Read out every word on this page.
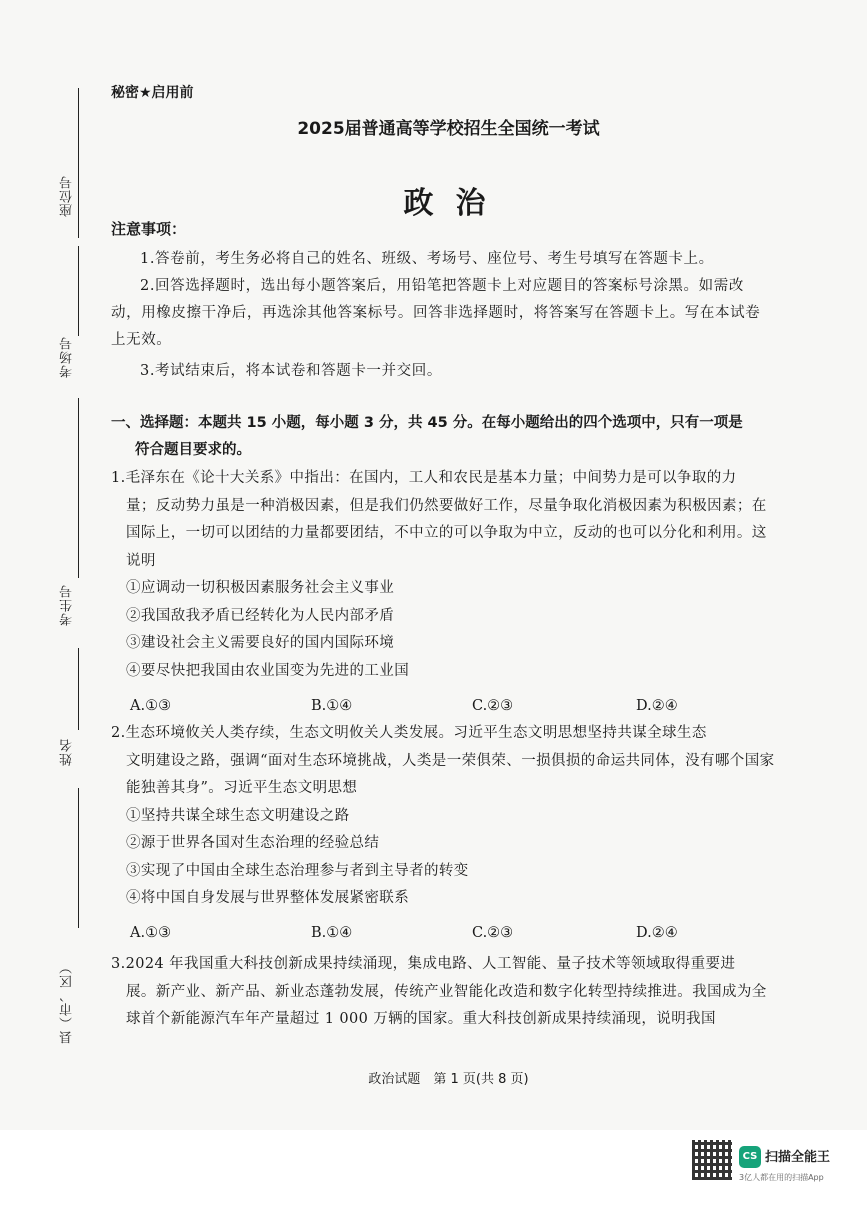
座位号
考场号
考生号
姓名
县（市、区）
秘密★启用前
2025届普通高等学校招生全国统一考试
政治
注意事项：
1.答卷前，考生务必将自己的姓名、班级、考场号、座位号、考生号填写在答题卡上。
2.回答选择题时，选出每小题答案后，用铅笔把答题卡上对应题目的答案标号涂黑。如需改动，用橡皮擦干净后，再选涂其他答案标号。回答非选择题时，将答案写在答题卡上。写在本试卷上无效。
3.考试结束后，将本试卷和答题卡一并交回。
一、选择题：本题共 15 小题，每小题 3 分，共 45 分。在每小题给出的四个选项中，只有一项是
符合题目要求的。
1.毛泽东在《论十大关系》中指出：在国内，工人和农民是基本力量；中间势力是可以争取的力
量；反动势力虽是一种消极因素，但是我们仍然要做好工作，尽量争取化消极因素为积极因素；在国际上，一切可以团结的力量都要团结，不中立的可以争取为中立，反动的也可以分化和利用。这说明
①应调动一切积极因素服务社会主义事业
②我国敌我矛盾已经转化为人民内部矛盾
③建设社会主义需要良好的国内国际环境
④要尽快把我国由农业国变为先进的工业国
A.①③	B.①④	C.②③	D.②④
2.生态环境攸关人类存续，生态文明攸关人类发展。习近平生态文明思想坚持共谋全球生态
文明建设之路，强调“面对生态环境挑战，人类是一荣俱荣、一损俱损的命运共同体，没有哪个国家能独善其身”。习近平生态文明思想
①坚持共谋全球生态文明建设之路
②源于世界各国对生态治理的经验总结
③实现了中国由全球生态治理参与者到主导者的转变
④将中国自身发展与世界整体发展紧密联系
A.①③	B.①④	C.②③	D.②④
3.2024 年我国重大科技创新成果持续涌现，集成电路、人工智能、量子技术等领域取得重要进
展。新产业、新产品、新业态蓬勃发展，传统产业智能化改造和数字化转型持续推进。我国成为全球首个新能源汽车年产量超过 1 000 万辆的国家。重大科技创新成果持续涌现，说明我国
政治试题　第 1 页(共 8 页)
CS 扫描全能王
3亿人都在用的扫描App
